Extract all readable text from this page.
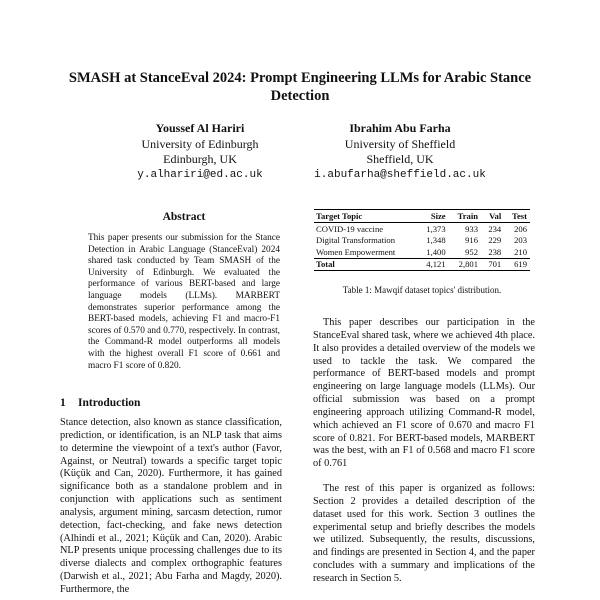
SMASH at StanceEval 2024: Prompt Engineering LLMs for Arabic Stance Detection
Youssef Al Hariri
University of Edinburgh
Edinburgh, UK
y.alhariri@ed.ac.uk
Ibrahim Abu Farha
University of Sheffield
Sheffield, UK
i.abufarha@sheffield.ac.uk
Abstract

This paper presents our submission for the Stance Detection in Arabic Language (StanceEval) 2024 shared task conducted by Team SMASH of the University of Edinburgh. We evaluated the performance of various BERT-based and large language models (LLMs). MARBERT demonstrates superior performance among the BERT-based models, achieving F1 and macro-F1 scores of 0.570 and 0.770, respectively. In contrast, the Command-R model outperforms all models with the highest overall F1 score of 0.661 and macro F1 score of 0.820.

1 Introduction

Stance detection, also known as stance classification, prediction, or identification, is an NLP task that aims to determine the viewpoint of a text's author (Favor, Against, or Neutral) towards a specific target topic (Küçük and Can, 2020). Furthermore, it has gained significance both as a standalone problem and in conjunction with applications such as sentiment analysis, argument mining, sarcasm detection, rumor detection, fact-checking, and fake news detection (Alhindi et al., 2021; Küçük and Can, 2020). Arabic NLP presents unique processing challenges due to its diverse dialects and complex orthographic features (Darwish et al., 2021; Abu Farha and Magdy, 2020). Furthermore, the

Target Topic	Size	Train	Val	Test
COVID-19 vaccine	1,373	933	234	206
Digital Transformation	1,348	916	229	203
Women Empowerment	1,400	952	238	210
Total	4,121	2,801	701	619
Table 1: Mawqif dataset topics' distribution.

This paper describes our participation in the StanceEval shared task, where we achieved 4th place. It also provides a detailed overview of the models we used to tackle the task. We compared the performance of BERT-based models and prompt engineering on large language models (LLMs). Our official submission was based on a prompt engineering approach utilizing Command-R model, which achieved an F1 score of 0.670 and macro F1 score of 0.821. For BERT-based models, MARBERT was the best, with an F1 of 0.568 and macro F1 score of 0.761

The rest of this paper is organized as follows: Section 2 provides a detailed description of the dataset used for this work. Section 3 outlines the experimental setup and briefly describes the models we utilized. Subsequently, the results, discussions, and findings are presented in Section 4, and the paper concludes with a summary and implications of the research in Section 5.
